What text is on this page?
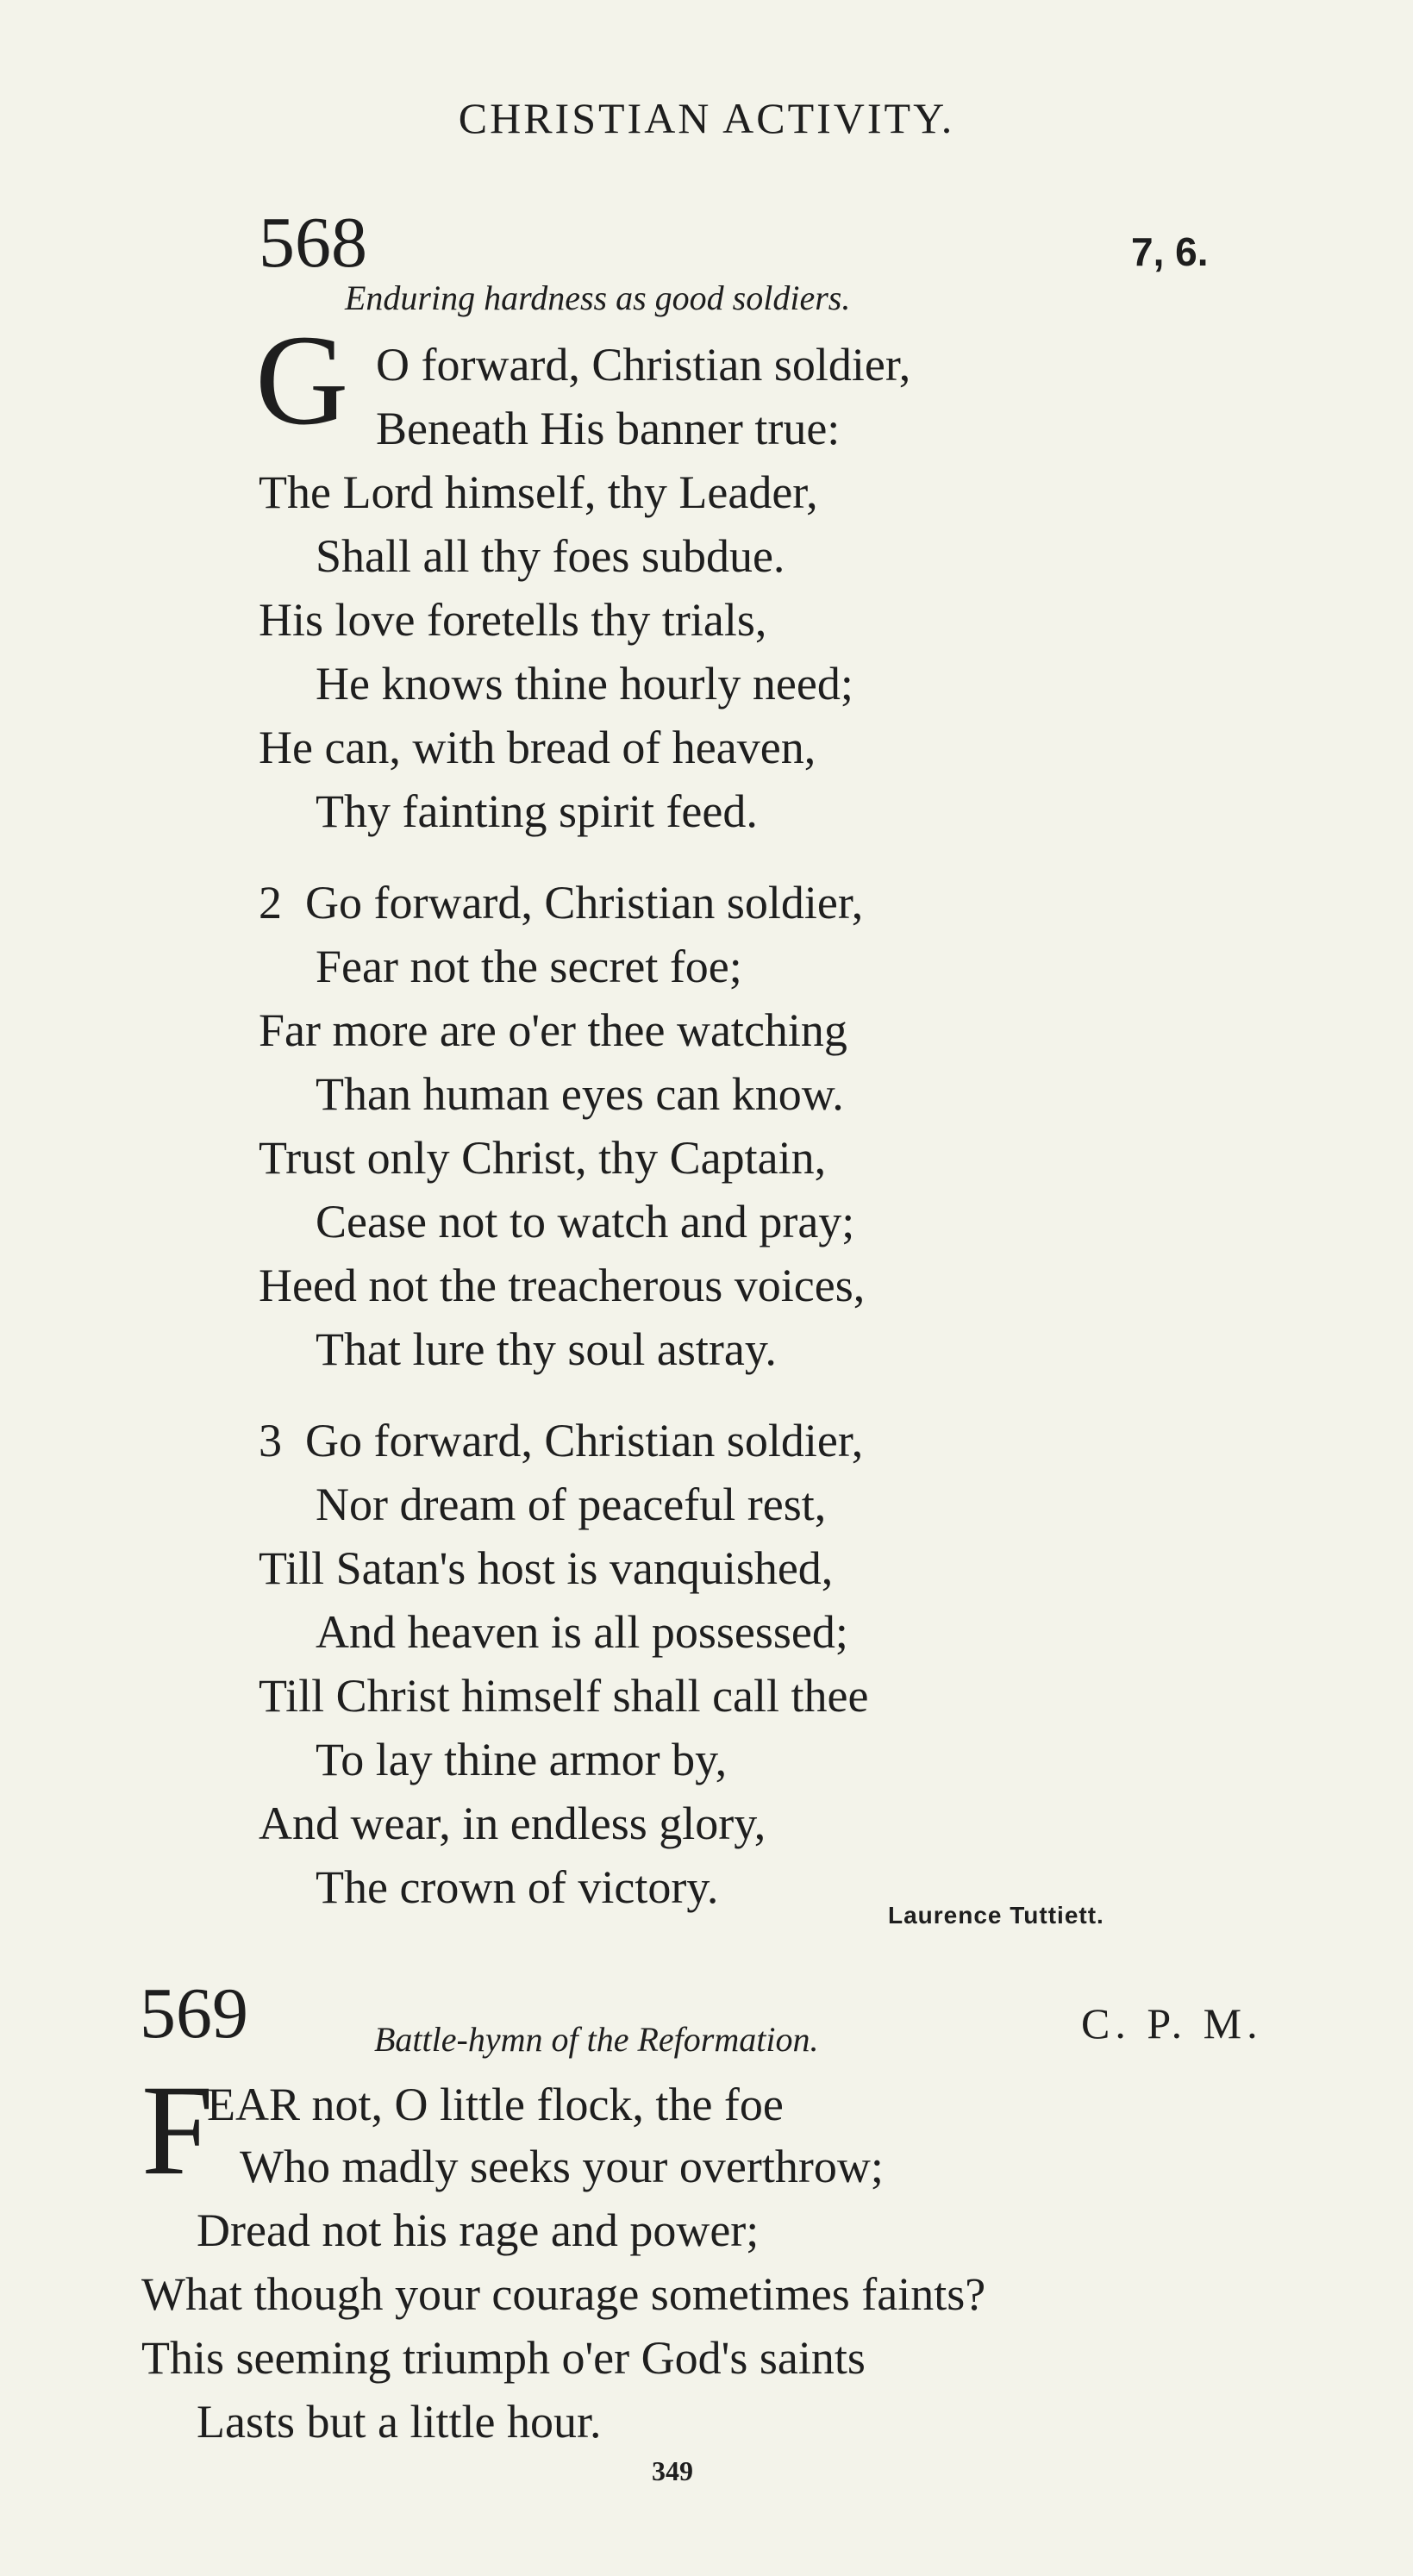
CHRISTIAN ACTIVITY.
568	7, 6.
Enduring hardness as good soldiers.
G O forward, Christian soldier,
Beneath His banner true:
The Lord himself, thy Leader,
Shall all thy foes subdue.
His love foretells thy trials,
He knows thine hourly need;
He can, with bread of heaven,
Thy fainting spirit feed.
2  Go forward, Christian soldier,
Fear not the secret foe;
Far more are o'er thee watching
Than human eyes can know.
Trust only Christ, thy Captain,
Cease not to watch and pray;
Heed not the treacherous voices,
That lure thy soul astray.
3  Go forward, Christian soldier,
Nor dream of peaceful rest,
Till Satan's host is vanquished,
And heaven is all possessed;
Till Christ himself shall call thee
To lay thine armor by,
And wear, in endless glory,
The crown of victory.
Laurence Tuttiett.
569	Battle-hymn of the Reformation.	C. P. M.
F
EAR not, O little flock, the foe
Who madly seeks your overthrow;
Dread not his rage and power;
What though your courage sometimes faints?
This seeming triumph o'er God's saints
Lasts but a little hour.
349
